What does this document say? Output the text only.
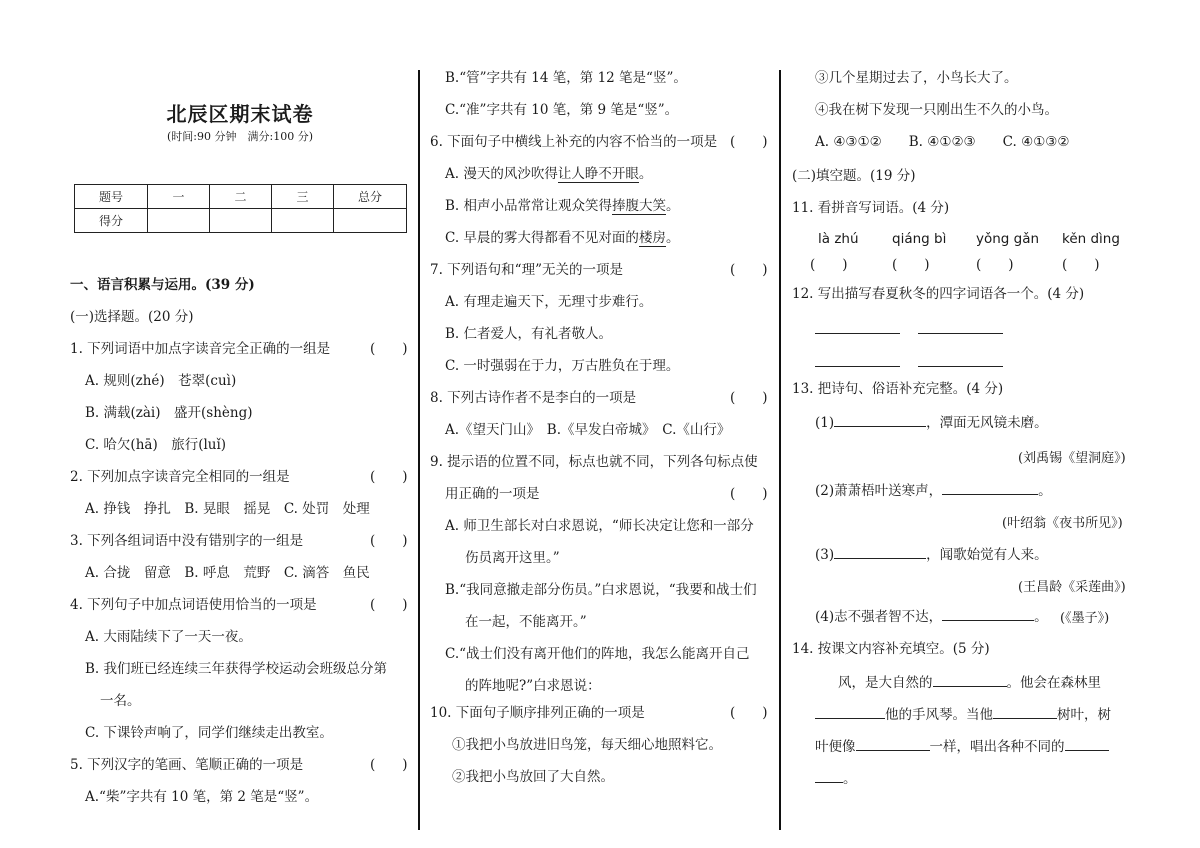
北辰区期末试卷
(时间:90 分钟　满分:100 分)
题号	一	二	三	总分
得分				
一、语言积累与运用。(39 分)
(一)选择题。(20 分)
1. 下列词语中加点字读音完全正确的一组是	(　　)
A. 规则(zhé)　苍翠(cuì)
B. 满载(zài)　盛开(shèng)
C. 哈欠(hā)　旅行(luǐ)
2. 下列加点字读音完全相同的一组是	(　　)
A. 挣钱　挣扎　B. 晃眼　摇晃　C. 处罚　处理
3. 下列各组词语中没有错别字的一组是	(　　)
A. 合拢　留意　B. 呼息　荒野　C. 滴答　鱼民
4. 下列句子中加点词语使用恰当的一项是	(　　)
A. 大雨陆续下了一天一夜。
B. 我们班已经连续三年获得学校运动会班级总分第
一名。
C. 下课铃声响了，同学们继续走出教室。
5. 下列汉字的笔画、笔顺正确的一项是	(　　)
A.“柴”字共有 10 笔，第 2 笔是“竖”。
B.“管”字共有 14 笔，第 12 笔是“竖”。
C.“准”字共有 10 笔，第 9 笔是“竖”。
6. 下面句子中横线上补充的内容不恰当的一项是 (　　)
A. 漫天的风沙吹得让人睁不开眼。
B. 相声小品常常让观众笑得捧腹大笑。
C. 早晨的雾大得都看不见对面的楼房。
7. 下列语句和“理”无关的一项是	(　　)
A. 有理走遍天下，无理寸步难行。
B. 仁者爱人，有礼者敬人。
C. 一时强弱在于力，万古胜负在于理。
8. 下列古诗作者不是李白的一项是	(　　)
A.《望天门山》　B.《早发白帝城》　C.《山行》
9. 提示语的位置不同，标点也就不同，下列各句标点使
用正确的一项是	(　　)
A. 师卫生部长对白求恩说，“师长决定让您和一部分
伤员离开这里。”
B.“我同意撤走部分伤员。”白求恩说，“我要和战士们
在一起，不能离开。”
C.“战士们没有离开他们的阵地，我怎么能离开自己
的阵地呢?”白求恩说：
10. 下面句子顺序排列正确的一项是	(　　)
①我把小鸟放进旧鸟笼，每天细心地照料它。
②我把小鸟放回了大自然。
③几个星期过去了，小鸟长大了。
④我在树下发现一只刚出生不久的小鸟。
A. ④③①②　　B. ④①②③　　C. ④①③②
(二)填空题。(19 分)
11. 看拼音写词语。(4 分)
là zhú qiáng bì yǒng gǎn kěn dìng
(　　)	(　　)	(　　)	(　　)
12. 写出描写春夏秋冬的四字词语各一个。(4 分)
13. 把诗句、俗语补充完整。(4 分)
(1)	，潭面无风镜未磨。
(刘禹锡《望洞庭》)
(2)萧萧梧叶送寒声，	。
(叶绍翁《夜书所见》)
(3)	，闻歌始觉有人来。
(王昌龄《采莲曲》)
(4)志不强者智不达，	。 (《墨子》)
14. 按课文内容补充填空。(5 分)
风，是大自然的	。他会在森林里
他的手风琴。当他	树叶，树
叶便像	一样，唱出各种不同的
。
